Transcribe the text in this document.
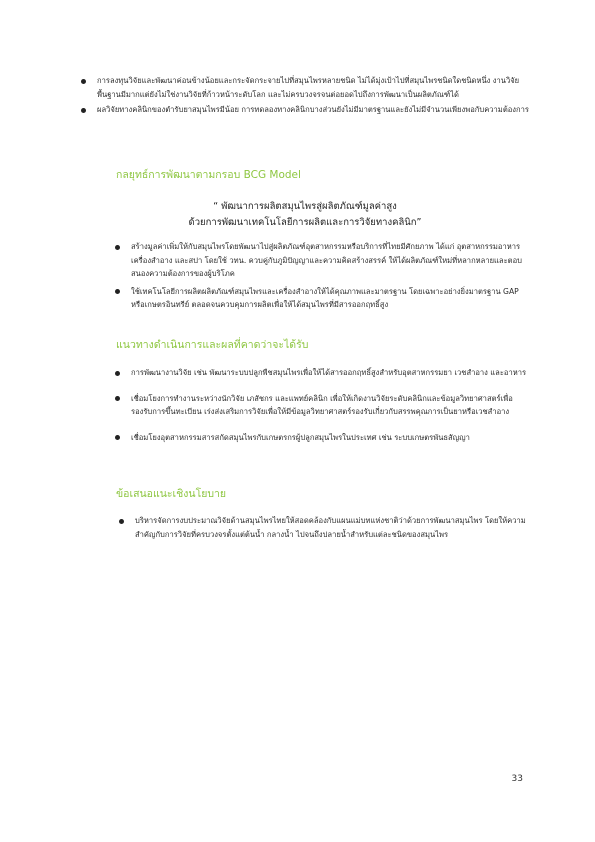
การลงทุนวิจัยและพัฒนาค่อนข้างน้อยและกระจัดกระจายไปที่สมุนไพรหลายชนิด ไม่ได้มุ่งเป้าไปที่สมุนไพรชนิดใดชนิดหนึ่ง งานวิจัยพื้นฐานมีมากแต่ยังไม่ใช่งานวิจัยที่ก้าวหน้าระดับโลก และไม่ครบวงจรจนต่อยอดไปถึงการพัฒนาเป็นผลิตภัณฑ์ได้
ผลวิจัยทางคลินิกของตำรับยาสมุนไพรมีน้อย การทดลองทางคลินิกบางส่วนยังไม่มีมาตรฐานและยังไม่มีจำนวนเพียงพอกับความต้องการ
กลยุทธ์การพัฒนาตามกรอบ BCG Model
“ พัฒนาการผลิตสมุนไพรสู่ผลิตภัณฑ์มูลค่าสูง
ด้วยการพัฒนาเทคโนโลยีการผลิตและการวิจัยทางคลินิก”
สร้างมูลค่าเพิ่มให้กับสมุนไพรโดยพัฒนาไปสู่ผลิตภัณฑ์อุตสาหกรรมหรือบริการที่ไทยมีศักยภาพ ได้แก่ อุตสาหกรรมอาหาร เครื่องสำอาง และสปา โดยใช้ วทน. ควบคู่กับภูมิปัญญาและความคิดสร้างสรรค์ ให้ได้ผลิตภัณฑ์ใหม่ที่หลากหลายและตอบสนองความต้องการของผู้บริโภค
ใช้เทคโนโลยีการผลิตผลิตภัณฑ์สมุนไพรและเครื่องสำอางให้ได้คุณภาพและมาตรฐาน โดยเฉพาะอย่างยิ่งมาตรฐาน GAP หรือเกษตรอินทรีย์ ตลอดจนควบคุมการผลิตเพื่อให้ได้สมุนไพรที่มีสารออกฤทธิ์สูง
แนวทางดำเนินการและผลที่คาดว่าจะได้รับ
การพัฒนางานวิจัย เช่น พัฒนาระบบปลูกพืชสมุนไพรเพื่อให้ได้สารออกฤทธิ์สูงสำหรับอุตสาหกรรมยา เวชสำอาง และอาหาร
เชื่อมโยงการทำงานระหว่างนักวิจัย เภสัชกร และแพทย์คลินิก เพื่อให้เกิดงานวิจัยระดับคลินิกและข้อมูลวิทยาศาสตร์เพื่อรองรับการขึ้นทะเบียน เร่งส่งเสริมการวิจัยเพื่อให้มีข้อมูลวิทยาศาสตร์รองรับเกี่ยวกับสรรพคุณการเป็นยาหรือเวชสำอาง
เชื่อมโยงอุตสาหกรรมสารสกัดสมุนไพรกับเกษตรกรผู้ปลูกสมุนไพรในประเทศ เช่น ระบบเกษตรพันธสัญญา
ข้อเสนอแนะเชิงนโยบาย
บริหารจัดการงบประมาณวิจัยด้านสมุนไพรไทยให้สอดคล้องกับแผนแม่บทแห่งชาติว่าด้วยการพัฒนาสมุนไพร โดยให้ความสำคัญกับการวิจัยที่ครบวงจรตั้งแต่ต้นน้ำ กลางน้ำ ไปจนถึงปลายน้ำสำหรับแต่ละชนิดของสมุนไพร
33
